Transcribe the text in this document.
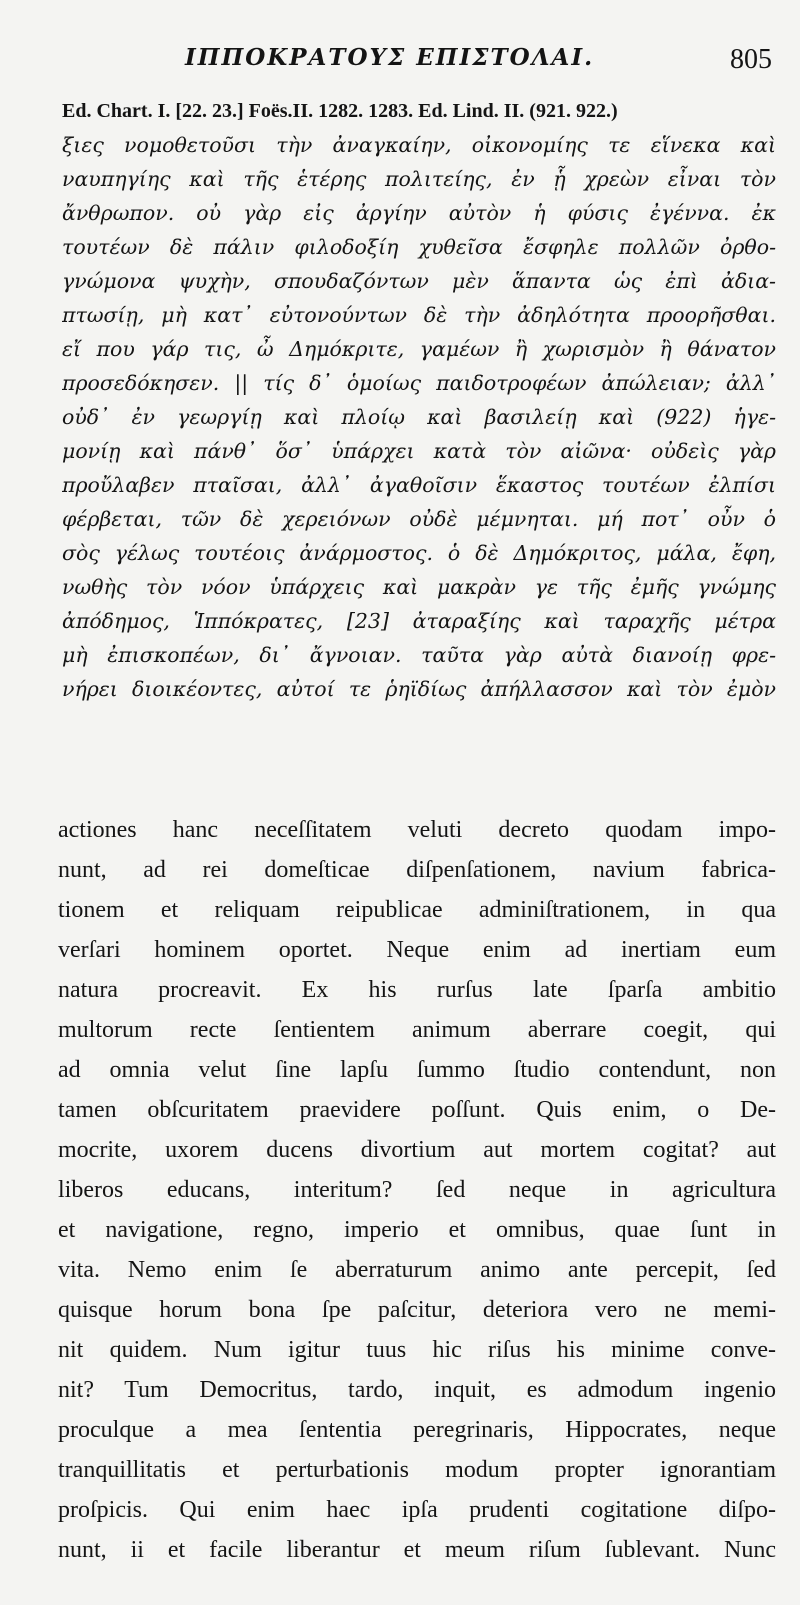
ΙΠΠΟΚΡΑΤΟΥΣ ΕΠΙΣΤΟΛΑΙ.	805
Ed. Chart. I. [22. 23.] Foës.II. 1282. 1283. Ed. Lind. II. (921. 922.)
ξιες νομοθετοῦσι τὴν ἀναγκαίην, οἰκονομίης τε εἵνεκα καὶ
ναυπηγίης καὶ τῆς ἑτέρης πολιτείης, ἐν ᾗ χρεὼν εἶναι τὸν
ἄνθρωπον. οὐ γὰρ εἰς ἀργίην αὐτὸν ἡ φύσις ἐγέννα. ἐκ
τουτέων δὲ πάλιν φιλοδοξίη χυθεῖσα ἔσφηλε πολλῶν ὀρθο-
γνώμονα ψυχὴν, σπουδαζόντων μὲν ἅπαντα ὡς ἐπὶ ἀδια-
πτωσίῃ, μὴ κατ᾽ εὐτονούντων δὲ τὴν ἀδηλότητα προορῆσθαι.
εἴ που γάρ τις, ὦ Δημόκριτε, γαμέων ἢ χωρισμὸν ἢ θάνατον
προσεδόκησεν. || τίς δ᾽ ὁμοίως παιδοτροφέων ἀπώλειαν; ἀλλ᾽
οὐδ᾽ ἐν γεωργίῃ καὶ πλοίῳ καὶ βασιλείῃ καὶ (922) ἡγε-
μονίῃ καὶ πάνθ᾽ ὅσ᾽ ὑπάρχει κατὰ τὸν αἰῶνα· οὐδεὶς γὰρ
προὔλαβεν πταῖσαι, ἀλλ᾽ ἀγαθοῖσιν ἕκαστος τουτέων ἐλπίσι
φέρβεται, τῶν δὲ χερειόνων οὐδὲ μέμνηται. μή ποτ᾽ οὖν ὁ
σὸς γέλως τουτέοις ἀνάρμοστος. ὁ δὲ Δημόκριτος, μάλα, ἔφη,
νωθὴς τὸν νόον ὑπάρχεις καὶ μακρὰν γε τῆς ἐμῆς γνώμης
ἀπόδημος, Ἱππόκρατες, [23] ἀταραξίης καὶ ταραχῆς μέτρα
μὴ ἐπισκοπέων, δι᾽ ἄγνοιαν. ταῦτα γὰρ αὐτὰ διανοίῃ φρε-
νήρει διοικέοντες, αὐτοί τε ῥηϊδίως ἀπήλλασσον καὶ τὸν ἐμὸν
actiones hanc neceſſitatem veluti decreto quodam impo-
nunt, ad rei domeſticae diſpenſationem, navium fabrica-
tionem et reliquam reipublicae adminiſtrationem, in qua
verſari hominem oportet. Neque enim ad inertiam eum
natura procreavit. Ex his rurſus late ſparſa ambitio
multorum recte ſentientem animum aberrare coegit, qui
ad omnia velut ſine lapſu ſummo ſtudio contendunt, non
tamen obſcuritatem praevidere poſſunt. Quis enim, o De-
mocrite, uxorem ducens divortium aut mortem cogitat? aut
liberos educans, interitum? ſed neque in agricultura
et navigatione, regno, imperio et omnibus, quae ſunt in
vita. Nemo enim ſe aberraturum animo ante percepit, ſed
quisque horum bona ſpe paſcitur, deteriora vero ne memi-
nit quidem. Num igitur tuus hic riſus his minime conve-
nit? Tum Democritus, tardo, inquit, es admodum ingenio
proculque a mea ſententia peregrinaris, Hippocrates, neque
tranquillitatis et perturbationis modum propter ignorantiam
proſpicis. Qui enim haec ipſa prudenti cogitatione diſpo-
nunt, ii et facile liberantur et meum riſum ſublevant. Nunc
